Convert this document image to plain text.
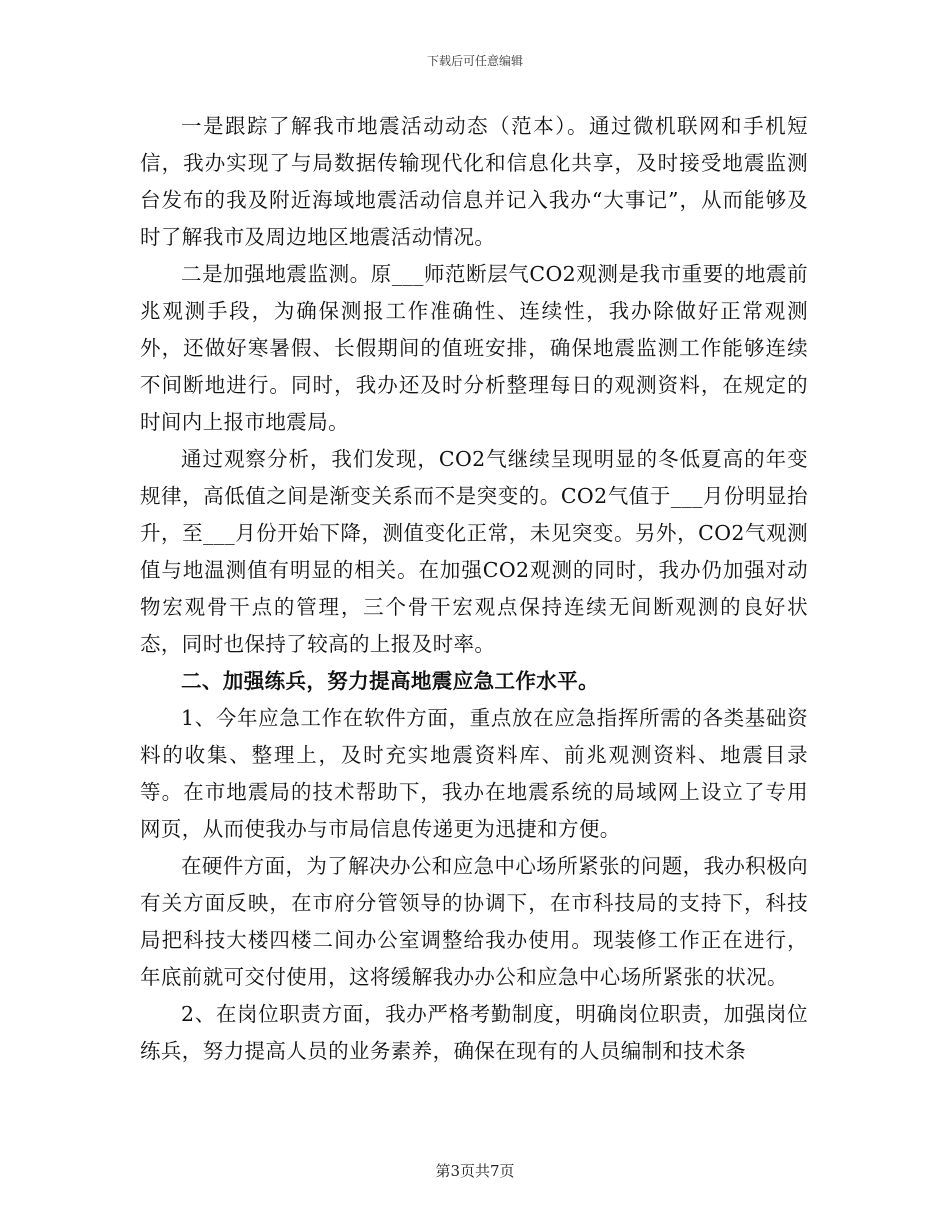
下载后可任意编辑

一是跟踪了解我市地震活动动态（范本）。通过微机联网和手机短信，我办实现了与局数据传输现代化和信息化共享，及时接受地震监测台发布的我及附近海域地震活动信息并记入我办“大事记”，从而能够及时了解我市及周边地区地震活动情况。

二是加强地震监测。原___师范断层气CO2观测是我市重要的地震前兆观测手段，为确保测报工作准确性、连续性，我办除做好正常观测外，还做好寒暑假、长假期间的值班安排，确保地震监测工作能够连续不间断地进行。同时，我办还及时分析整理每日的观测资料，在规定的时间内上报市地震局。

通过观察分析，我们发现，CO2气继续呈现明显的冬低夏高的年变规律，高低值之间是渐变关系而不是突变的。CO2气值于___月份明显抬升，至___月份开始下降，测值变化正常，未见突变。另外，CO2气观测值与地温测值有明显的相关。在加强CO2观测的同时，我办仍加强对动物宏观骨干点的管理，三个骨干宏观点保持连续无间断观测的良好状态，同时也保持了较高的上报及时率。

二、加强练兵，努力提高地震应急工作水平。

1、今年应急工作在软件方面，重点放在应急指挥所需的各类基础资料的收集、整理上，及时充实地震资料库、前兆观测资料、地震目录等。在市地震局的技术帮助下，我办在地震系统的局域网上设立了专用网页，从而使我办与市局信息传递更为迅捷和方便。

在硬件方面，为了解决办公和应急中心场所紧张的问题，我办积极向有关方面反映，在市府分管领导的协调下，在市科技局的支持下，科技局把科技大楼四楼二间办公室调整给我办使用。现装修工作正在进行，年底前就可交付使用，这将缓解我办办公和应急中心场所紧张的状况。

2、在岗位职责方面，我办严格考勤制度，明确岗位职责，加强岗位练兵，努力提高人员的业务素养，确保在现有的人员编制和技术条

第3页共7页
